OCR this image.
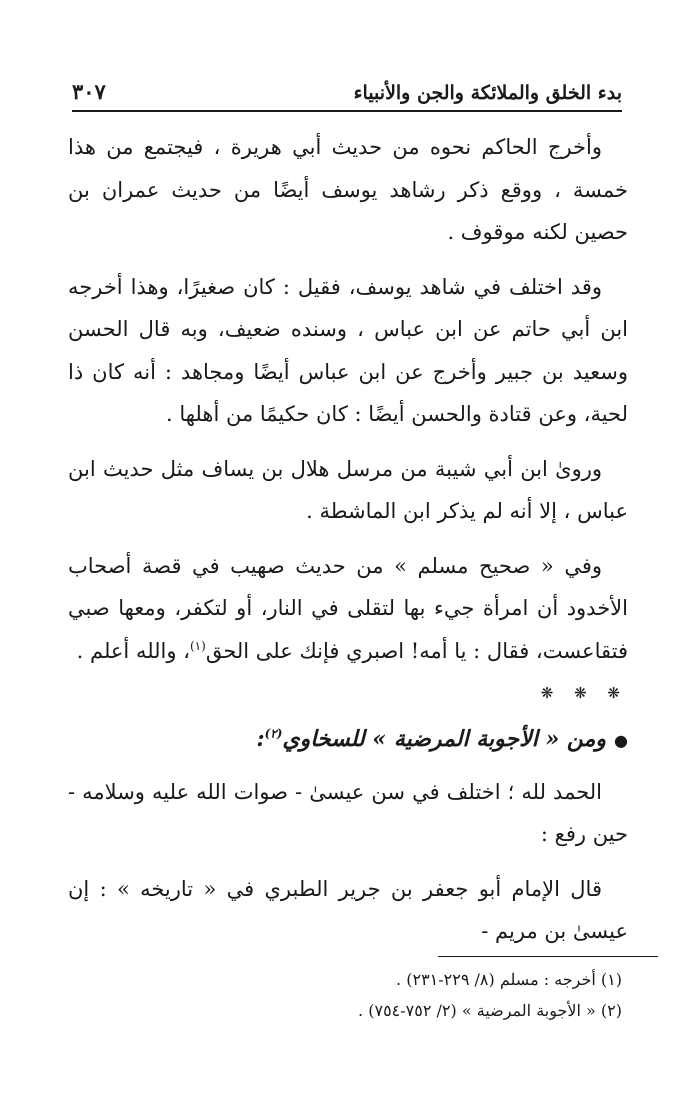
بدء الخلق والملائكة والجن والأنبياء
٣٠٧

وأخرج الحاكم نحوه من حديث أبي هريرة ، فيجتمع من هذا خمسة ، ووقع ذكر رشاهد يوسف أيضًا من حديث عمران بن حصين لكنه موقوف .

وقد اختلف في شاهد يوسف، فقيل : كان صغيرًا، وهذا أخرجه ابن أبي حاتم عن ابن عباس ، وسنده ضعيف، وبه قال الحسن وسعيد بن جبير وأخرج عن ابن عباس أيضًا ومجاهد : أنه كان ذا لحية، وعن قتادة والحسن أيضًا : كان حكيمًا من أهلها .

وروىٰ ابن أبي شيبة من مرسل هلال بن يساف مثل حديث ابن عباس ، إلا أنه لم يذكر ابن الماشطة .

وفي « صحيح مسلم » من حديث صهيب في قصة أصحاب الأخدود أن امرأة جيء بها لتقلى في النار، أو لتكفر، ومعها صبي فتقاعست، فقال : يا أمه! اصبري فإنك على الحق$^{(١)}$، والله أعلم .

❋ ❋ ❋

●ومن « الأجوبة المرضية » للسخاوي$^{(٢)}$:

الحمد لله ؛ اختلف في سن عيسىٰ - صوات الله عليه وسلامه - حين رفع :

قال الإمام أبو جعفر بن جرير الطبري في « تاريخه » : إن عيسىٰ بن مريم -

(١) أخرجه : مسلم (٨/ ٢٢٩-٢٣١) .

(٢) « الأجوبة المرضية » (٢/ ٧٥٢-٧٥٤) .
